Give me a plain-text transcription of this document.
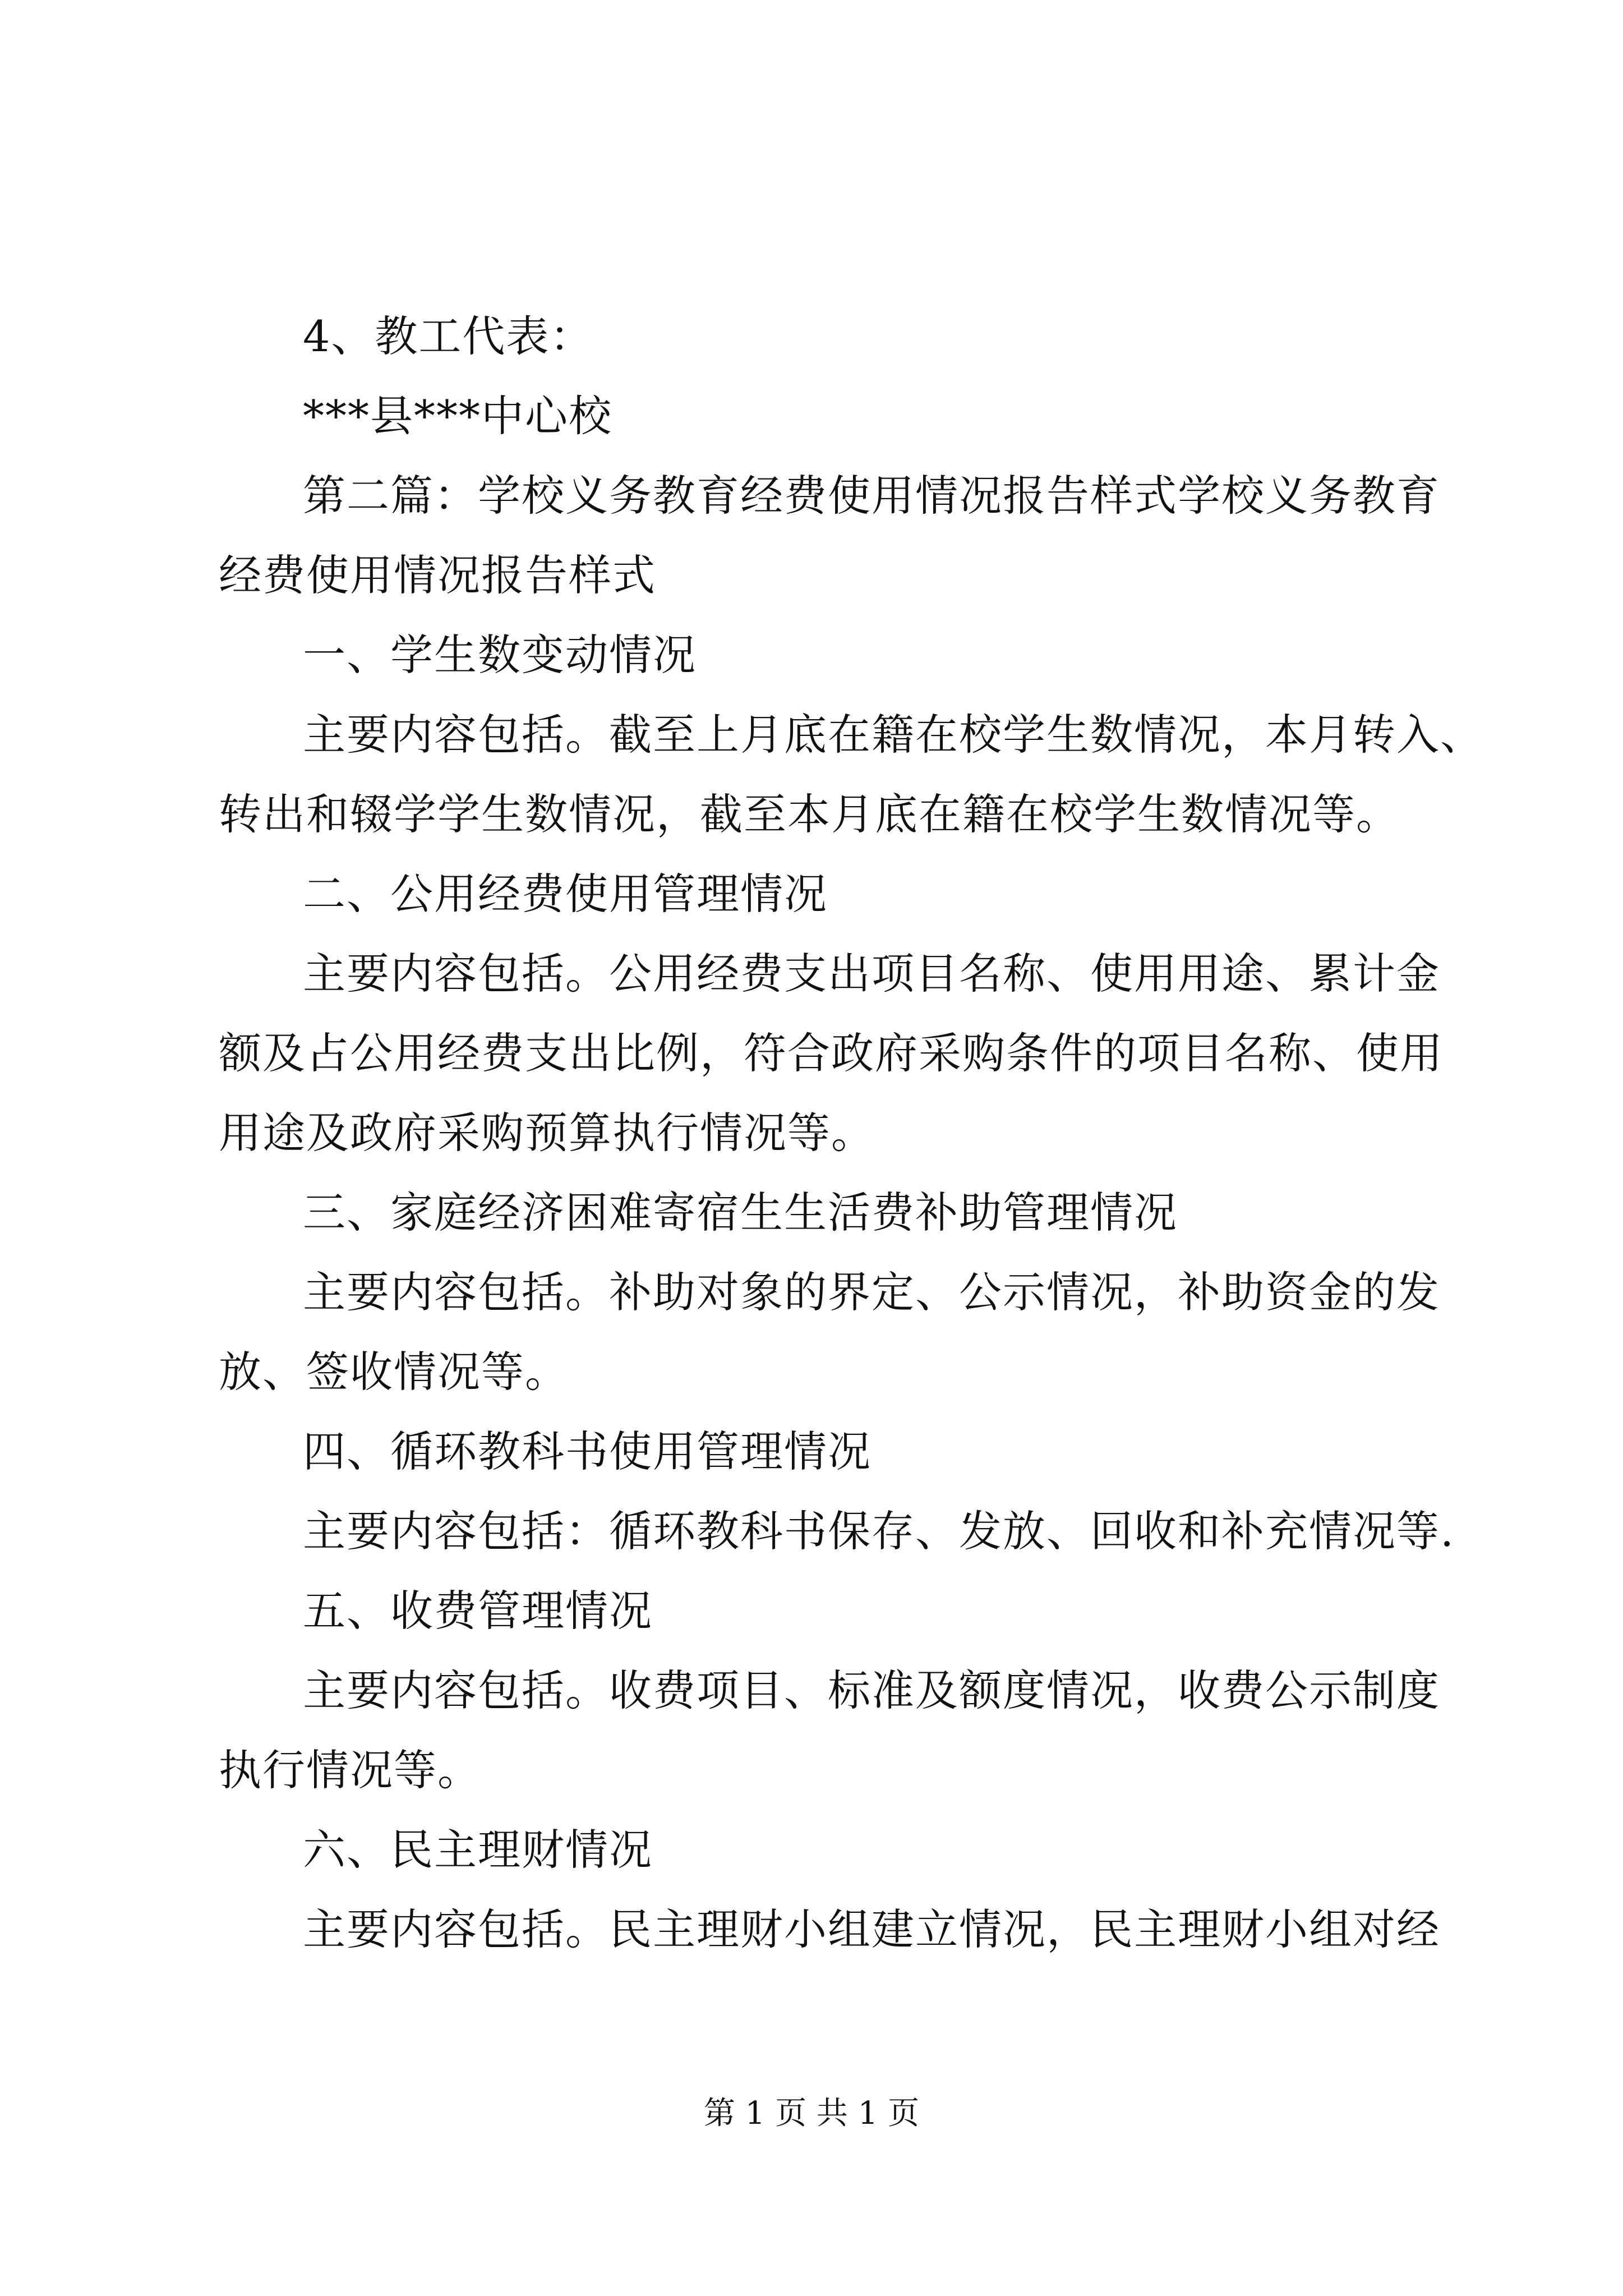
4、教工代表：
***县***中心校
第二篇：学校义务教育经费使用情况报告样式学校义务教育
经费使用情况报告样式
一、学生数变动情况
主要内容包括。截至上月底在籍在校学生数情况，本月转入、
转出和辍学学生数情况，截至本月底在籍在校学生数情况等。
二、公用经费使用管理情况
主要内容包括。公用经费支出项目名称、使用用途、累计金
额及占公用经费支出比例，符合政府采购条件的项目名称、使用
用途及政府采购预算执行情况等。
三、家庭经济困难寄宿生生活费补助管理情况
主要内容包括。补助对象的界定、公示情况，补助资金的发
放、签收情况等。
四、循环教科书使用管理情况
主要内容包括：循环教科书保存、发放、回收和补充情况等.
五、收费管理情况
主要内容包括。收费项目、标准及额度情况，收费公示制度
执行情况等。
六、民主理财情况
主要内容包括。民主理财小组建立情况，民主理财小组对经
第 1 页 共 1 页
